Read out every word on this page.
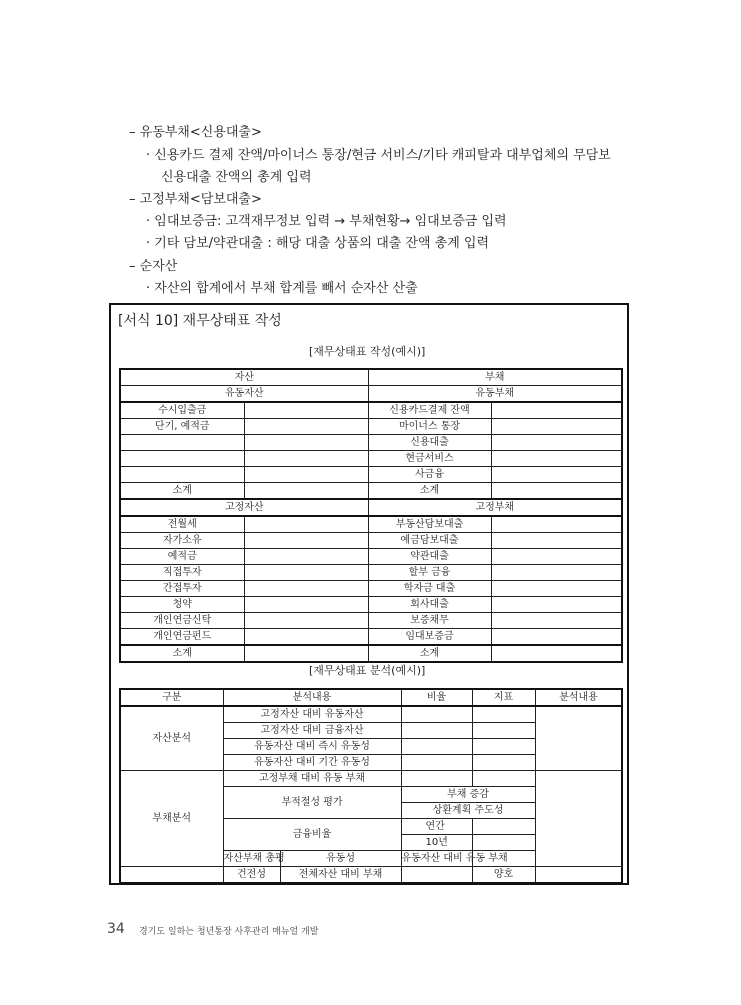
– 유동부채<신용대출>
· 신용카드 결제 잔액/마이너스 통장/현금 서비스/기타 캐피탈과 대부업체의 무담보
신용대출 잔액의 총계 입력
– 고정부채<담보대출>
· 임대보증금: 고객재무정보 입력 → 부채현황→ 임대보증금 입력
· 기타 담보/약관대출 : 해당 대출 상품의 대출 잔액 총계 입력
– 순자산
· 자산의 합계에서 부채 합계를 빼서 순자산 산출
[서식 10] 재무상태표 작성
[재무상태표 작성(예시)]
자산		부채	
유동자산		유동부채	
수시입출금		신용카드결제 잔액	
단기, 예적금		마이너스 통장	
		신용대출	
		현금서비스	
		사금융	
소계		소계	
고정자산		고정부채	
전월세		부동산담보대출	
자가소유		예금담보대출	
예적금		약관대출	
직접투자		할부 금융	
간접투자		학자금 대출	
청약		회사대출	
개인연금신탁		보증채무	
개인연금펀드		임대보증금	
소계		소계	
[재무상태표 분석(예시)]
구분	분석내용		비율	지표	분석내용	
자산분석	고정자산 대비 유동자산					
	고정자산 대비 금융자산					
	유동자산 대비 즉시 유동성					
	유동자산 대비 기간 유동성					
부채분석	고정부채 대비 유동 부채					
	부적절성 평가		부채 증감			
			상환계획 주도성			
	금융비율		연간			
			10년			
	자산부채 총평	유동성	유동자산 대비 유동 부채			
	건전성	전체자산 대비 부채		양호		
34 경기도 일하는 청년통장 사후관리 매뉴얼 개발
